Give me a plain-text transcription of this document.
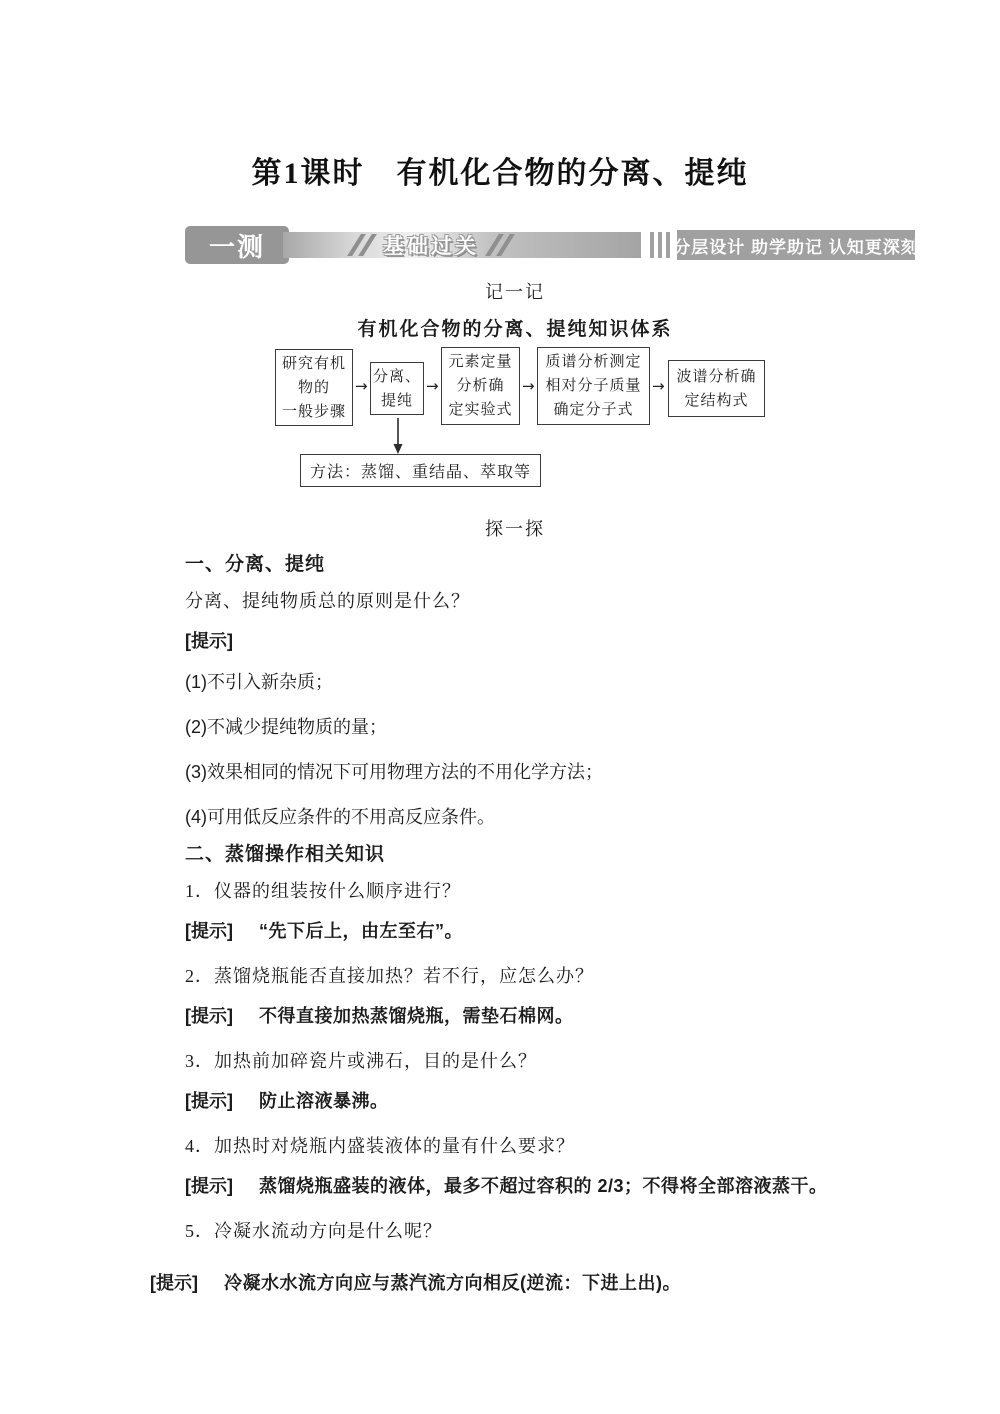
第1课时　有机化合物的分离、提纯
一测	基础过关	分层设计 助学助记 认知更深刻

记一记

有机化合物的分离、提纯知识体系

研究有机
物的
一般步骤
→
分离、
提纯
→
元素定量
分析确
定实验式
→
质谱分析测定
相对分子质量
确定分子式
→
波谱分析确
定结构式
方法：蒸馏、重结晶、萃取等

探一探

一、分离、提纯

分离、提纯物质总的原则是什么？

[提示]

(1)不引入新杂质；

(2)不减少提纯物质的量；

(3)效果相同的情况下可用物理方法的不用化学方法；

(4)可用低反应条件的不用高反应条件。

二、蒸馏操作相关知识

1．仪器的组装按什么顺序进行？

[提示] “先下后上，由左至右”。

2．蒸馏烧瓶能否直接加热？若不行，应怎么办？

[提示] 不得直接加热蒸馏烧瓶，需垫石棉网。

3．加热前加碎瓷片或沸石，目的是什么？

[提示] 防止溶液暴沸。

4．加热时对烧瓶内盛装液体的量有什么要求？

[提示] 蒸馏烧瓶盛装的液体，最多不超过容积的 2/3；不得将全部溶液蒸干。

5．冷凝水流动方向是什么呢？

[提示] 冷凝水水流方向应与蒸汽流方向相反(逆流：下进上出)。
